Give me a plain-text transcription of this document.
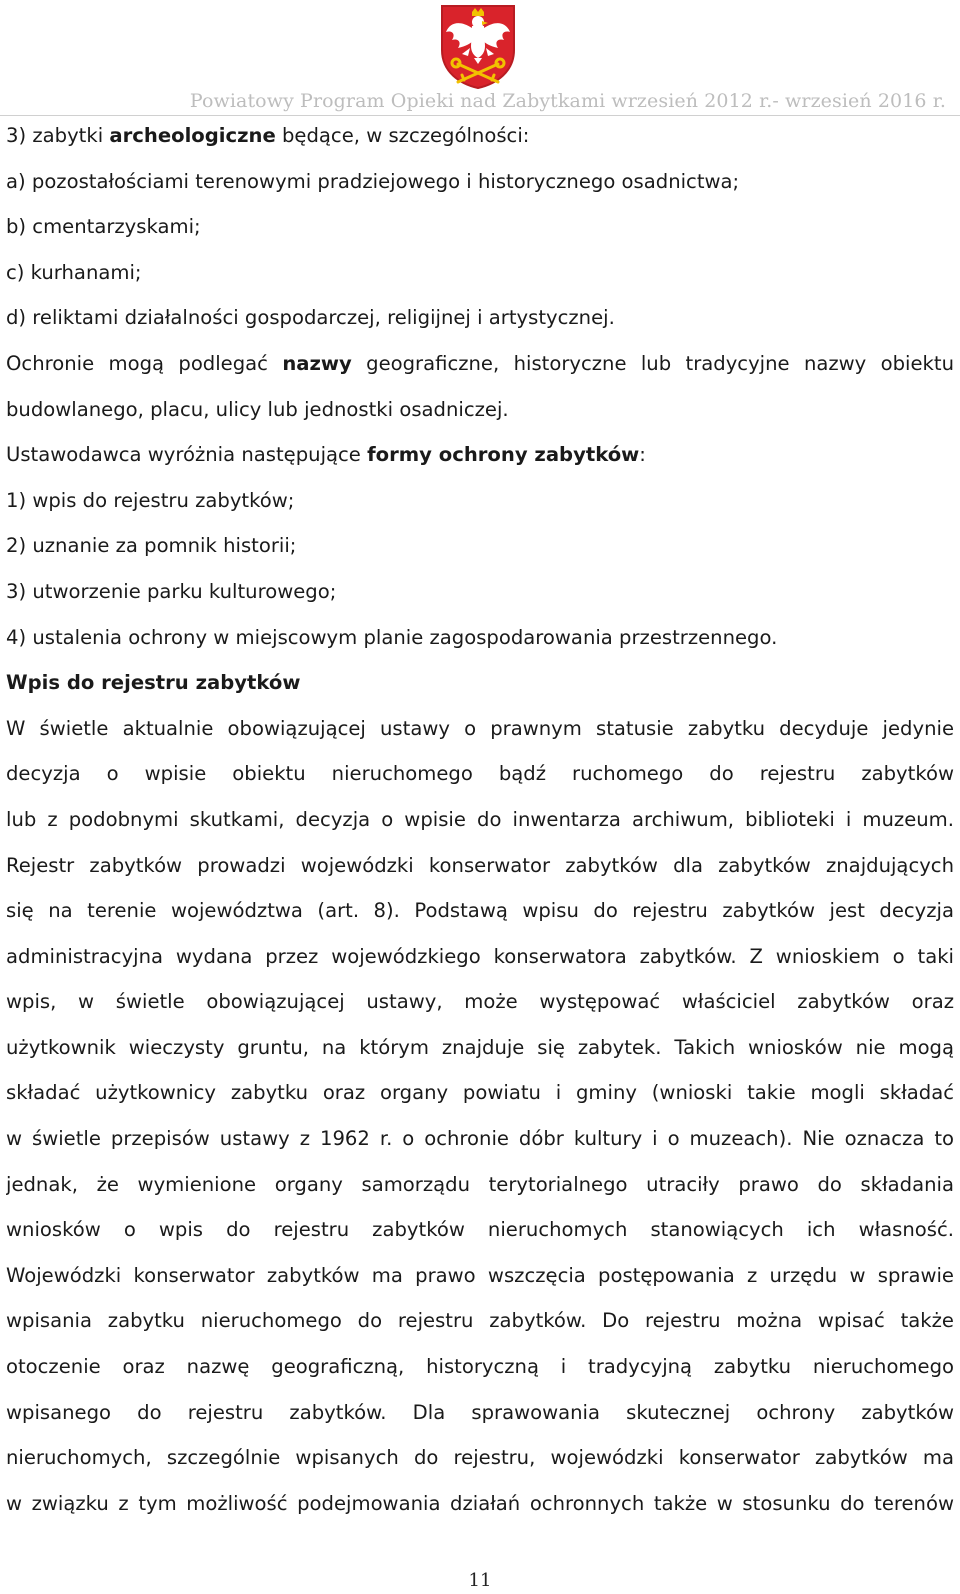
Powiatowy Program Opieki nad Zabytkami wrzesień 2012 r.- wrzesień 2016 r.
3) zabytki archeologiczne będące, w szczególności:
a) pozostałościami terenowymi pradziejowego i historycznego osadnictwa;
b) cmentarzyskami;
c) kurhanami;
d) reliktami działalności gospodarczej, religijnej i artystycznej.
Ochronie mogą podlegać nazwy geograficzne, historyczne lub tradycyjne nazwy obiektu
budowlanego, placu, ulicy lub jednostki osadniczej.
Ustawodawca wyróżnia następujące formy ochrony zabytków:
1) wpis do rejestru zabytków;
2) uznanie za pomnik historii;
3) utworzenie parku kulturowego;
4) ustalenia ochrony w miejscowym planie zagospodarowania przestrzennego.
Wpis do rejestru zabytków
W świetle aktualnie obowiązującej ustawy o prawnym statusie zabytku decyduje jedynie
decyzja o wpisie obiektu nieruchomego bądź ruchomego do rejestru zabytków
lub z podobnymi skutkami, decyzja o wpisie do inwentarza archiwum, biblioteki i muzeum.
Rejestr zabytków prowadzi wojewódzki konserwator zabytków dla zabytków znajdujących
się na terenie województwa (art. 8). Podstawą wpisu do rejestru zabytków jest decyzja
administracyjna wydana przez wojewódzkiego konserwatora zabytków. Z wnioskiem o taki
wpis, w świetle obowiązującej ustawy, może występować właściciel zabytków oraz
użytkownik wieczysty gruntu, na którym znajduje się zabytek. Takich wniosków nie mogą
składać użytkownicy zabytku oraz organy powiatu i gminy (wnioski takie mogli składać
w świetle przepisów ustawy z 1962 r. o ochronie dóbr kultury i o muzeach). Nie oznacza to
jednak, że wymienione organy samorządu terytorialnego utraciły prawo do składania
wniosków o wpis do rejestru zabytków nieruchomych stanowiących ich własność.
Wojewódzki konserwator zabytków ma prawo wszczęcia postępowania z urzędu w sprawie
wpisania zabytku nieruchomego do rejestru zabytków. Do rejestru można wpisać także
otoczenie oraz nazwę geograficzną, historyczną i tradycyjną zabytku nieruchomego
wpisanego do rejestru zabytków. Dla sprawowania skutecznej ochrony zabytków
nieruchomych, szczególnie wpisanych do rejestru, wojewódzki konserwator zabytków ma
w związku z tym możliwość podejmowania działań ochronnych także w stosunku do terenów
11
